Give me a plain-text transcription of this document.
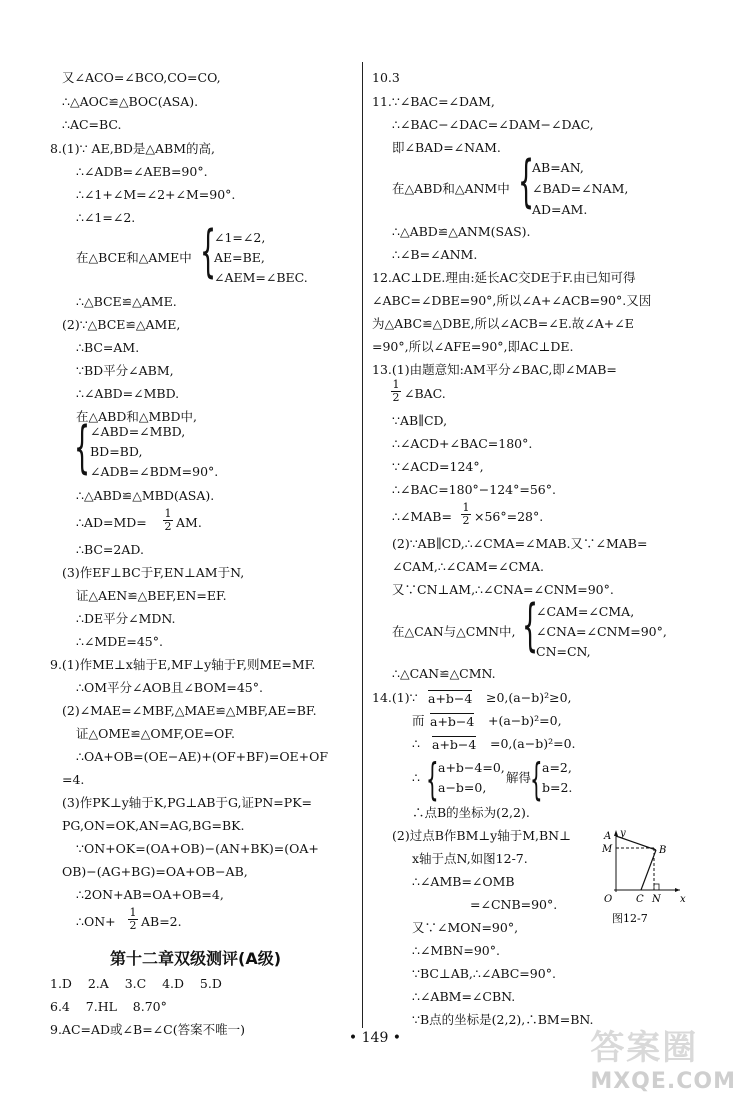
又∠ACO=∠BCO,CO=CO,
∴△AOC≌△BOC(ASA).
∴AC=BC.
8.(1)∵ AE,BD是△ABM的高,
∴∠ADB=∠AEB=90°.
∴∠1+∠M=∠2+∠M=90°.
∴∠1=∠2.
{
∠1=∠2,
在△BCE和△AME中 AE=BE,
∠AEM=∠BEC.
∴△BCE≌△AME.
(2)∵△BCE≌△AME,
∴BC=AM.
∵BD平分∠ABM,
∴∠ABD=∠MBD.
在△ABD和△MBD中,
{ ∠ABD=∠MBD,
BD=BD,
∠ADB=∠BDM=90°.
∴△ABD≌△MBD(ASA).
∴AD=MD= $\frac{1}{2}$ AM.
∴BC=2AD.
(3)作EF⊥BC于F,EN⊥AM于N,
证△AEN≌△BEF,EN=EF.
∴DE平分∠MDN.
∴∠MDE=45°.
9.(1)作ME⊥x轴于E,MF⊥y轴于F,则ME=MF.
∴OM平分∠AOB且∠BOM=45°.
(2)∠MAE=∠MBF,△MAE≌△MBF,AE=BF.
证△OME≌△OMF,OE=OF.
∴OA+OB=(OE−AE)+(OF+BF)=OE+OF
=4.
(3)作PK⊥y轴于K,PG⊥AB于G,证PN=PK=
PG,ON=OK,AN=AG,BG=BK.
∵ON+OK=(OA+OB)−(AN+BK)=(OA+
OB)−(AG+BG)=OA+OB−AB,
∴2ON+AB=OA+OB=4,
∴ON+ $\frac{1}{2} AB=2$.
第十二章双级测评(A级)
1.D    2.A    3.C    4.D    5.D
6.4    7.HL    8.70°
9.AC=AD或∠B=∠C(答案不唯一)
10.3
11.∵∠BAC=∠DAM,
∴∠BAC−∠DAC=∠DAM−∠DAC,
即∠BAD=∠NAM.
{
AB=AN,
在△ABD和△ANM中 ∠BAD=∠NAM,
AD=AM.
∴△ABD≌△ANM(SAS).
∴∠B=∠ANM.
12.AC⊥DE.理由:延长AC交DE于F.由已知可得
∠ABC=∠DBE=90°,所以∠A+∠ACB=90°.又因
为△ABC≌△DBE,所以∠ACB=∠E.故∠A+∠E
=90°,所以∠AFE=90°,即AC⊥DE.
13.(1)由题意知:AM平分∠BAC,即∠MAB=
$\frac{1}{2}$ ∠BAC.
∵AB∥CD,
∴∠ACD+∠BAC=180°.
∵∠ACD=124°,
∴∠BAC=180°−124°=56°.
∴∠MAB= $\frac{1}{2} \times 56^\circ=28^\circ$.
(2)∵AB∥CD,∴∠CMA=∠MAB.又∵∠MAB=
∠CAM,∴∠CAM=∠CMA.
又∵CN⊥AM,∴∠CNA=∠CNM=90°.
{
∠CAM=∠CMA,
在△CAN与△CMN中, ∠CNA=∠CNM=90°,
CN=CN,
∴△CAN≌△CMN.
14.(1)∵ a+b−4 ≥0,(a−b)²≥0,
而 a+b−4 +(a−b)²=0,
∴ a+b−4 =0,(a−b)²=0.
∴ { a+b−4=0,
a−b=0,
解得
{ a=2,
b=2.
∴点B的坐标为(2,2).
(2)过点B作BM⊥y轴于M,BN⊥
x轴于点N,如图12-7.
∴∠AMB=∠OMB
=∠CNB=90°.
又∵∠MON=90°,
∴∠MBN=90°.
∵BC⊥AB,∴∠ABC=90°.
∴∠ABM=∠CBN.
∵B点的坐标是(2,2),∴BM=BN.
y
x
A
M	B
O C N
图12-7
• 149 •	答案圈
MXQE.COM
